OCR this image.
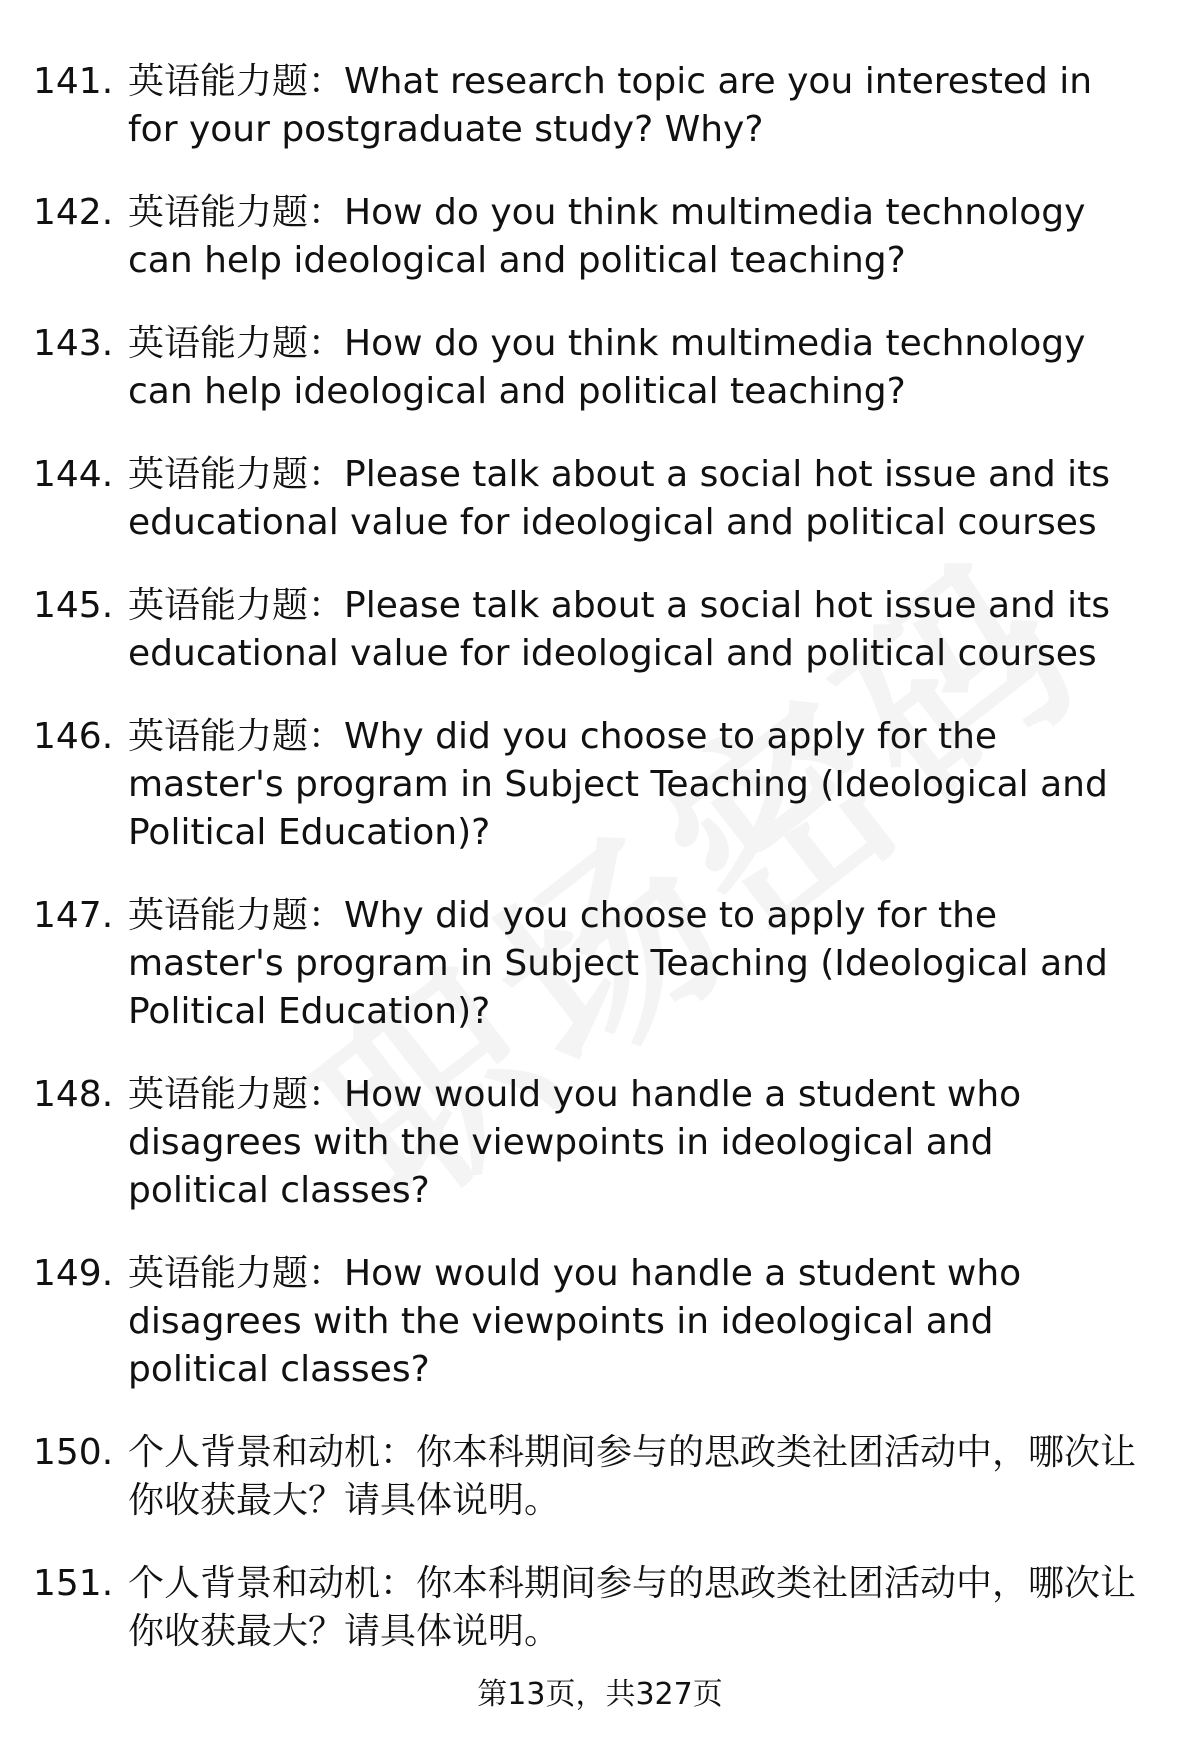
141. 英语能力题：What research topic are you interested in for your postgraduate study? Why?
142. 英语能力题：How do you think multimedia technology can help ideological and political teaching?
143. 英语能力题：How do you think multimedia technology can help ideological and political teaching?
144. 英语能力题：Please talk about a social hot issue and its educational value for ideological and political courses
145. 英语能力题：Please talk about a social hot issue and its educational value for ideological and political courses
146. 英语能力题：Why did you choose to apply for the master's program in Subject Teaching (Ideological and Political Education)?
147. 英语能力题：Why did you choose to apply for the master's program in Subject Teaching (Ideological and Political Education)?
148. 英语能力题：How would you handle a student who disagrees with the viewpoints in ideological and political classes?
149. 英语能力题：How would you handle a student who disagrees with the viewpoints in ideological and political classes?
150. 个人背景和动机：你本科期间参与的思政类社团活动中，哪次让你收获最大？请具体说明。
151. 个人背景和动机：你本科期间参与的思政类社团活动中，哪次让你收获最大？请具体说明。
第13页，共327页
